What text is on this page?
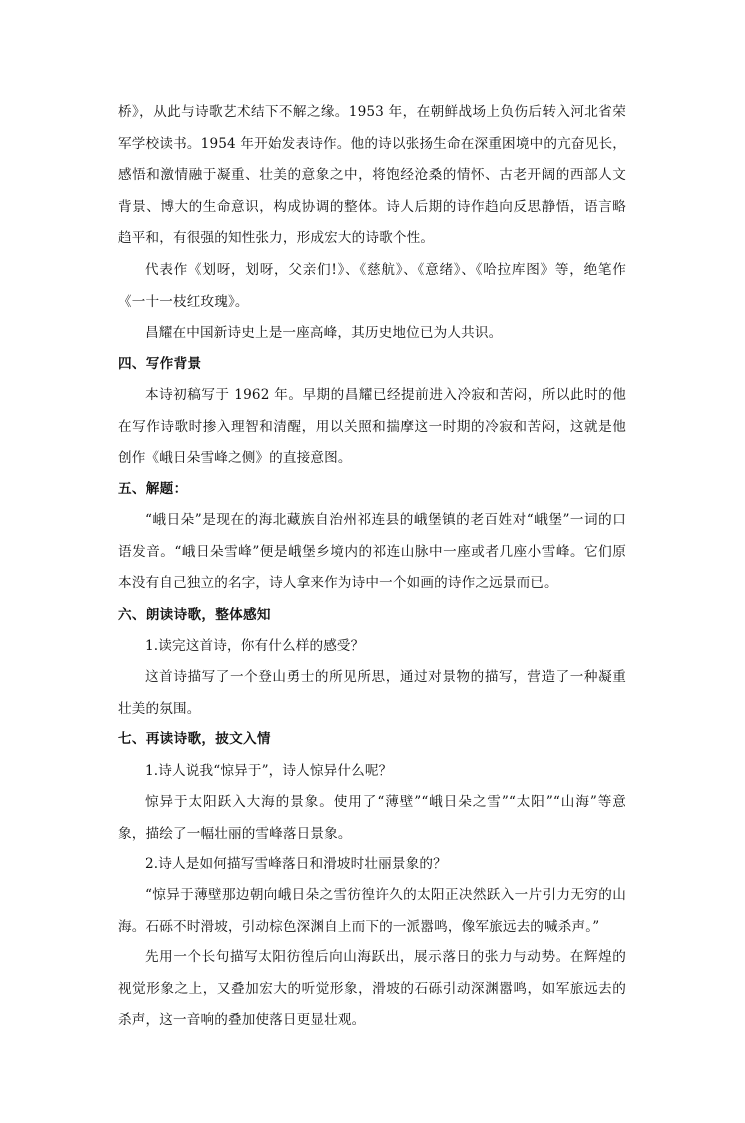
桥》，从此与诗歌艺术结下不解之缘。1953 年，在朝鲜战场上负伤后转入河北省荣军学校读书。1954 年开始发表诗作。他的诗以张扬生命在深重困境中的亢奋见长，感悟和激情融于凝重、壮美的意象之中，将饱经沧桑的情怀、古老开阔的西部人文背景、博大的生命意识，构成协调的整体。诗人后期的诗作趋向反思静悟，语言略趋平和，有很强的知性张力，形成宏大的诗歌个性。

代表作《划呀，划呀，父亲们!》、《慈航》、《意绪》、《哈拉库图》等，绝笔作《一十一枝红玫瑰》。

昌耀在中国新诗史上是一座高峰，其历史地位已为人共识。

四、写作背景

本诗初稿写于 1962 年。早期的昌耀已经提前进入冷寂和苦闷，所以此时的他在写作诗歌时掺入理智和清醒，用以关照和揣摩这一时期的冷寂和苦闷，这就是他创作《峨日朵雪峰之侧》的直接意图。

五、解题：

“峨日朵”是现在的海北藏族自治州祁连县的峨堡镇的老百姓对“峨堡”一词的口语发音。“峨日朵雪峰”便是峨堡乡境内的祁连山脉中一座或者几座小雪峰。它们原本没有自己独立的名字，诗人拿来作为诗中一个如画的诗作之远景而已。

六、朗读诗歌，整体感知

1.读完这首诗，你有什么样的感受？

这首诗描写了一个登山勇士的所见所思，通过对景物的描写，营造了一种凝重壮美的氛围。

七、再读诗歌，披文入情

1.诗人说我“惊异于”，诗人惊异什么呢？

惊异于太阳跃入大海的景象。使用了“薄壁”“峨日朵之雪”“太阳”“山海”等意象，描绘了一幅壮丽的雪峰落日景象。

2.诗人是如何描写雪峰落日和滑坡时壮丽景象的？

“惊异于薄壁那边朝向峨日朵之雪彷徨许久的太阳正决然跃入一片引力无穷的山海。石砾不时滑坡，引动棕色深渊自上而下的一派嚣鸣，像军旅远去的喊杀声。”

先用一个长句描写太阳彷徨后向山海跃出，展示落日的张力与动势。在辉煌的视觉形象之上，又叠加宏大的听觉形象，滑坡的石砾引动深渊嚣鸣，如军旅远去的杀声，这一音响的叠加使落日更显壮观。
